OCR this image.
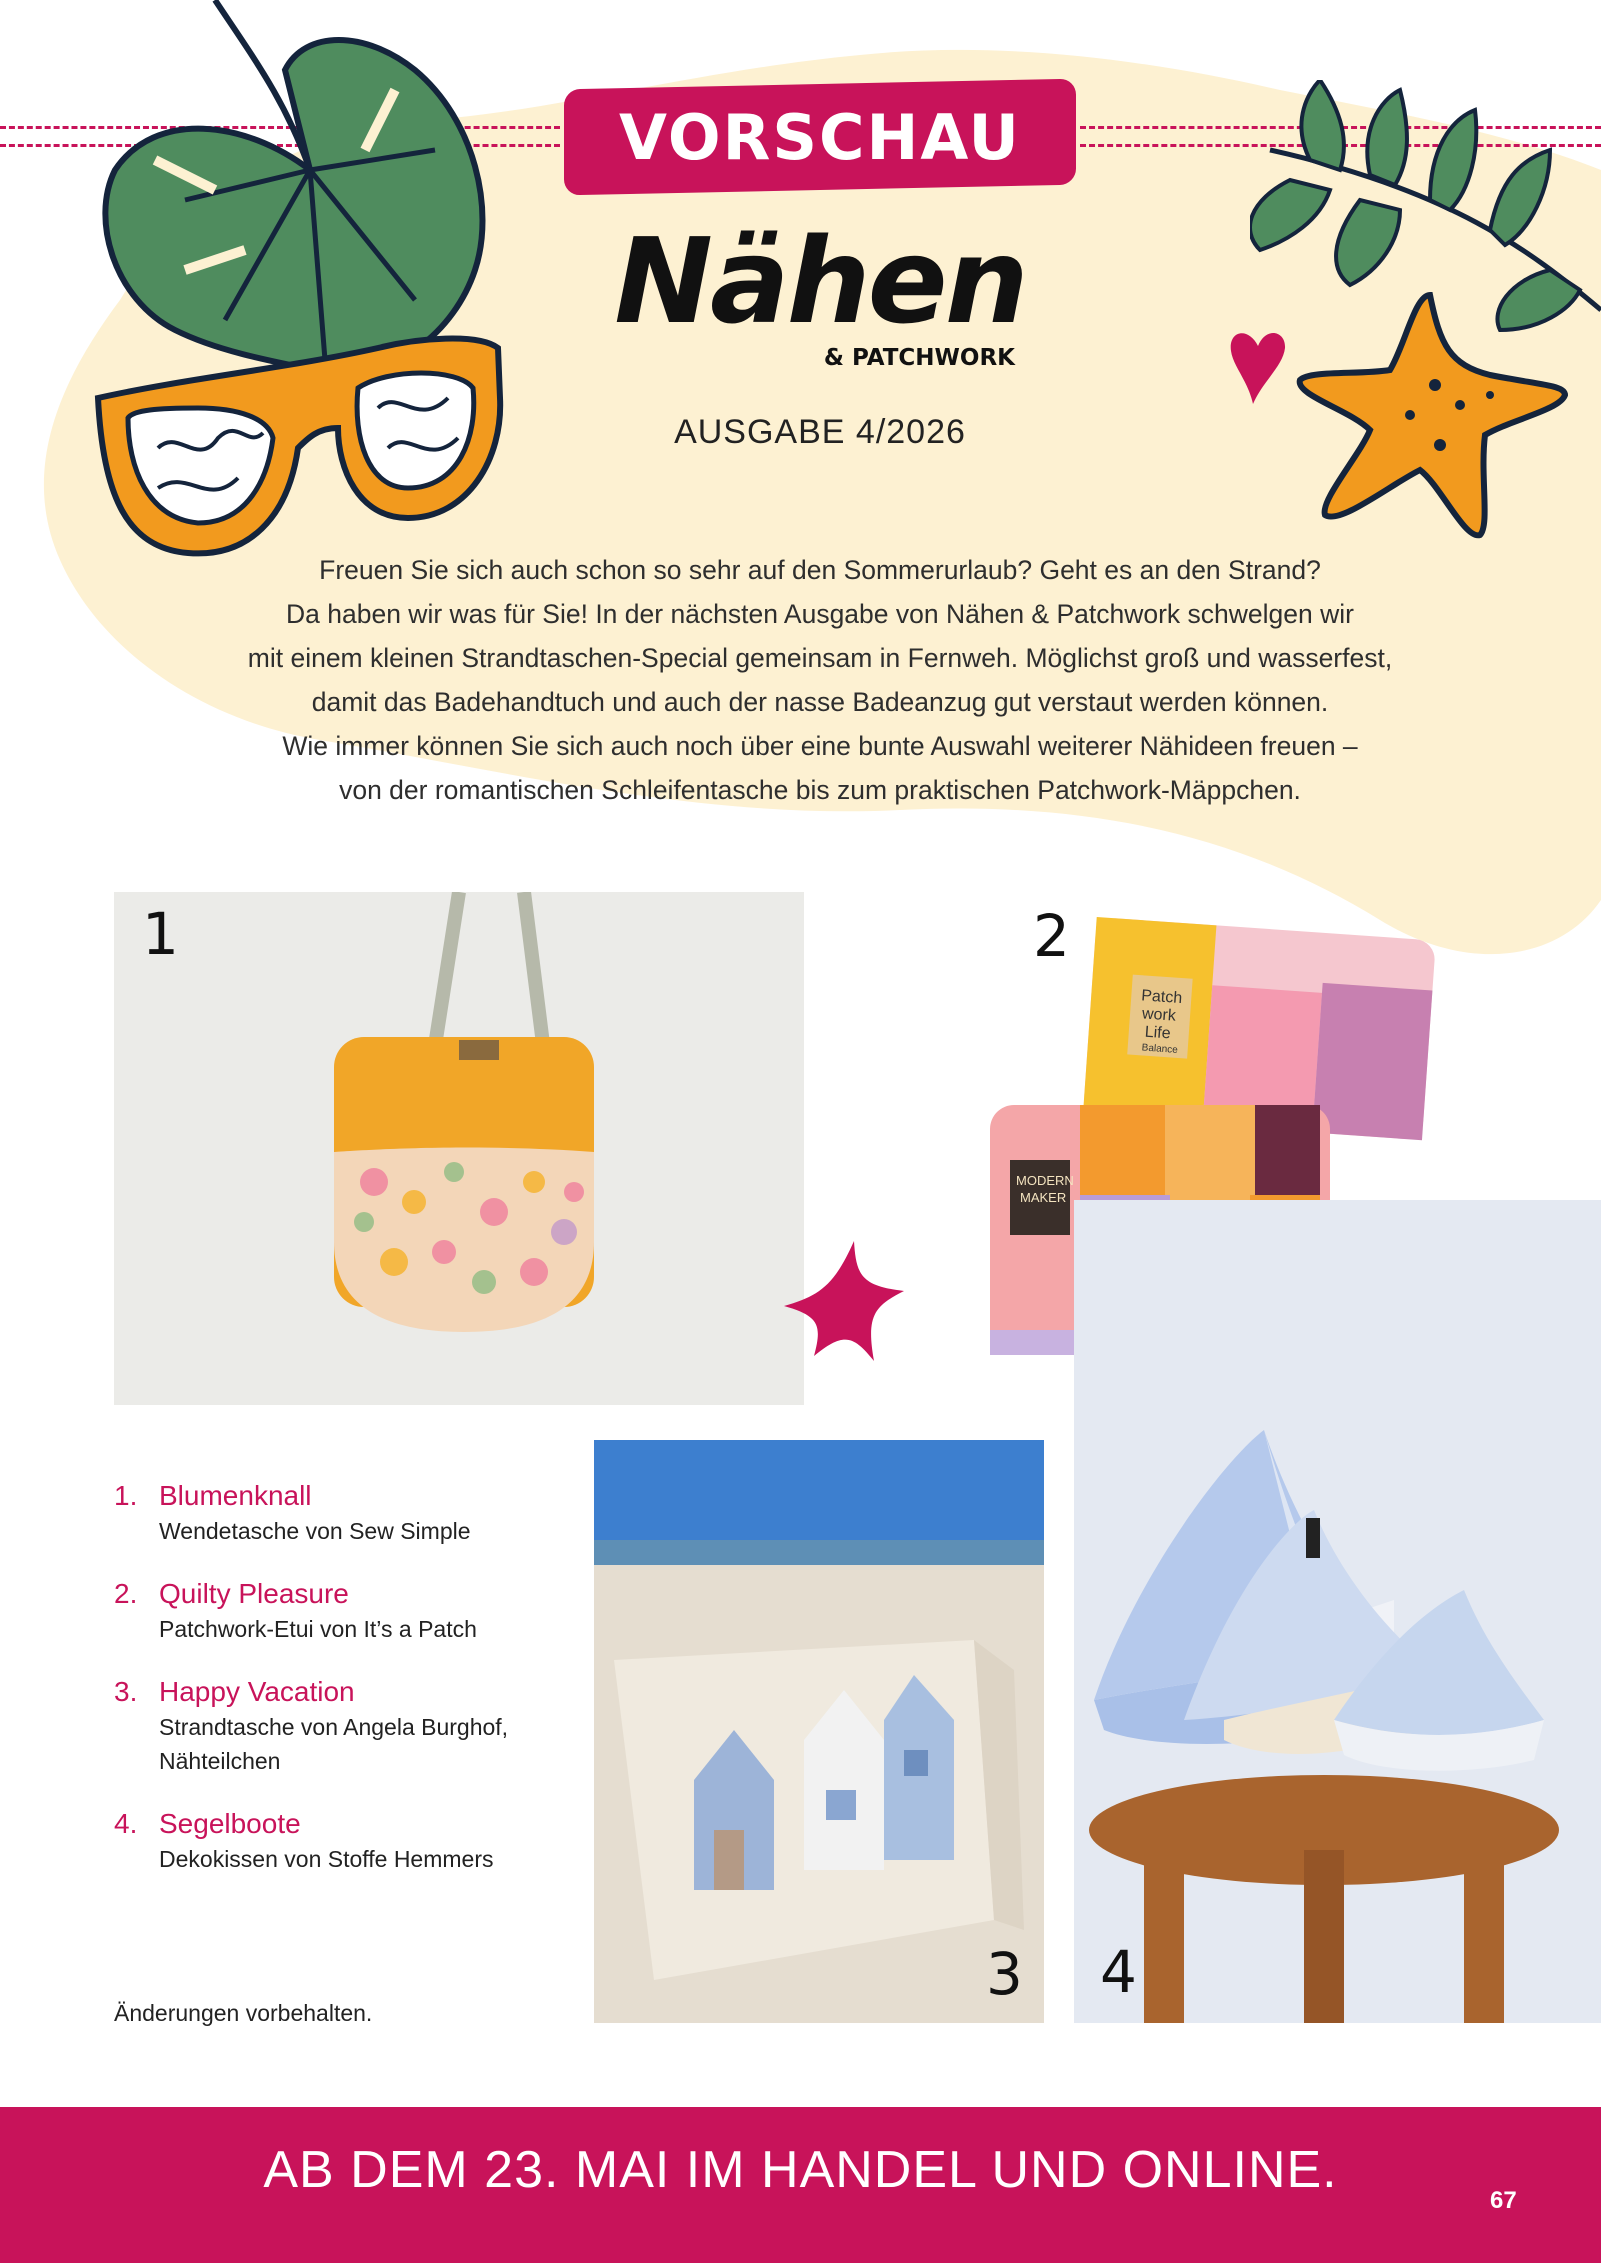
VORSCHAU
Nähen
& PATCHWORK
AUSGABE 4/2026

Freuen Sie sich auch schon so sehr auf den Sommerurlaub? Geht es an den Strand?

Da haben wir was für Sie! In der nächsten Ausgabe von Nähen & Patchwork schwelgen wir

mit einem kleinen Strandtaschen-Special gemeinsam in Fernweh. Möglichst groß und wasserfest,

damit das Badehandtuch und auch der nasse Badeanzug gut verstaut werden können.

Wie immer können Sie sich auch noch über eine bunte Auswahl weiterer Nähideen freuen –

von der romantischen Schleifentasche bis zum praktischen Patchwork-Mäppchen.

1
Patch
work
Life
Balance
MODERN
MAKER
2
4
3
1. Blumenknall
Wendetasche von Sew Simple
2. Quilty Pleasure
Patchwork-Etui von It’s a Patch
3. Happy Vacation
Strandtasche von Angela Burghof,
Nähteilchen
4. Segelboote
Dekokissen von Stoffe Hemmers
Änderungen vorbehalten.
AB DEM 23. MAI IM HANDEL UND ONLINE.
67
